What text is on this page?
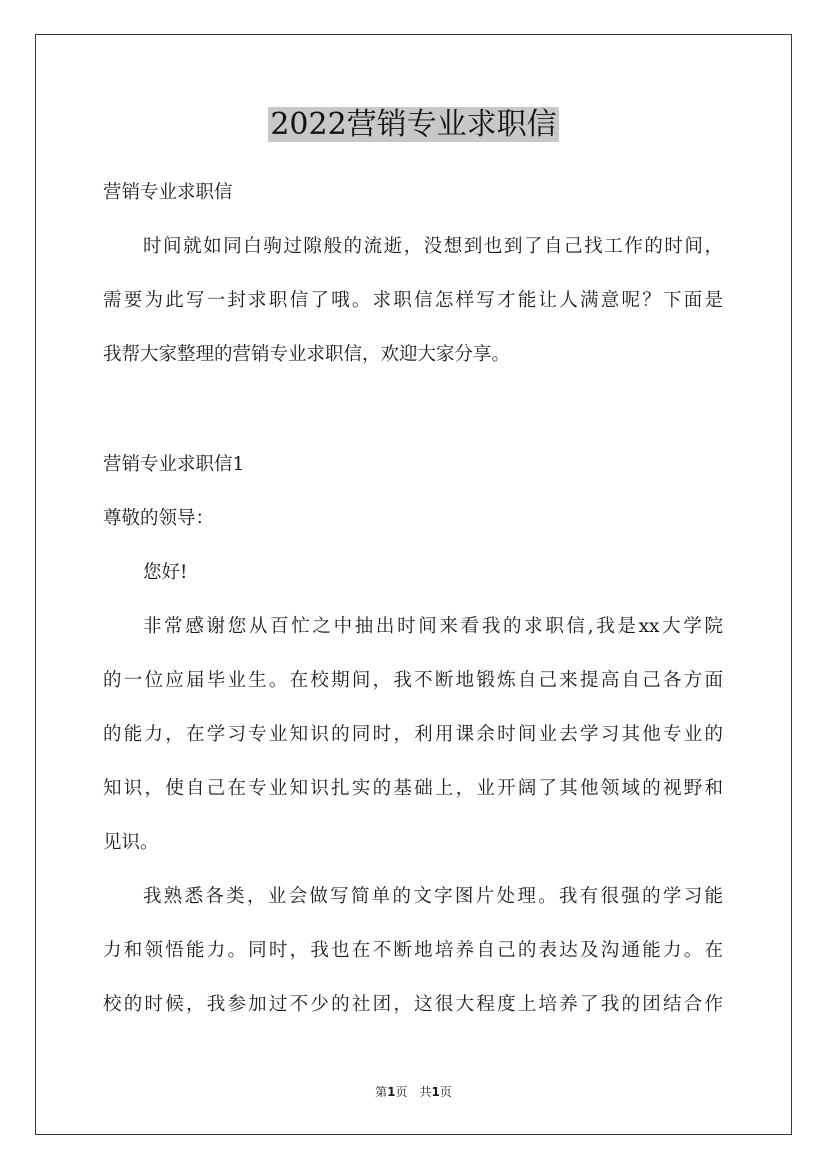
2022营销专业求职信

营销专业求职信

时间就如同白驹过隙般的流逝，没想到也到了自己找工作的时间，

需要为此写一封求职信了哦。求职信怎样写才能让人满意呢？下面是

我帮大家整理的营销专业求职信，欢迎大家分享。

营销专业求职信1

尊敬的领导：

您好!

非常感谢您从百忙之中抽出时间来看我的求职信,我是xx大学院

的一位应届毕业生。在校期间，我不断地锻炼自己来提高自己各方面

的能力，在学习专业知识的同时，利用课余时间业去学习其他专业的

知识，使自己在专业知识扎实的基础上，业开阔了其他领域的视野和

见识。

我熟悉各类，业会做写简单的文字图片处理。我有很强的学习能

力和领悟能力。同时，我也在不断地培养自己的表达及沟通能力。在

校的时候，我参加过不少的社团，这很大程度上培养了我的团结合作

第1页　共1页
